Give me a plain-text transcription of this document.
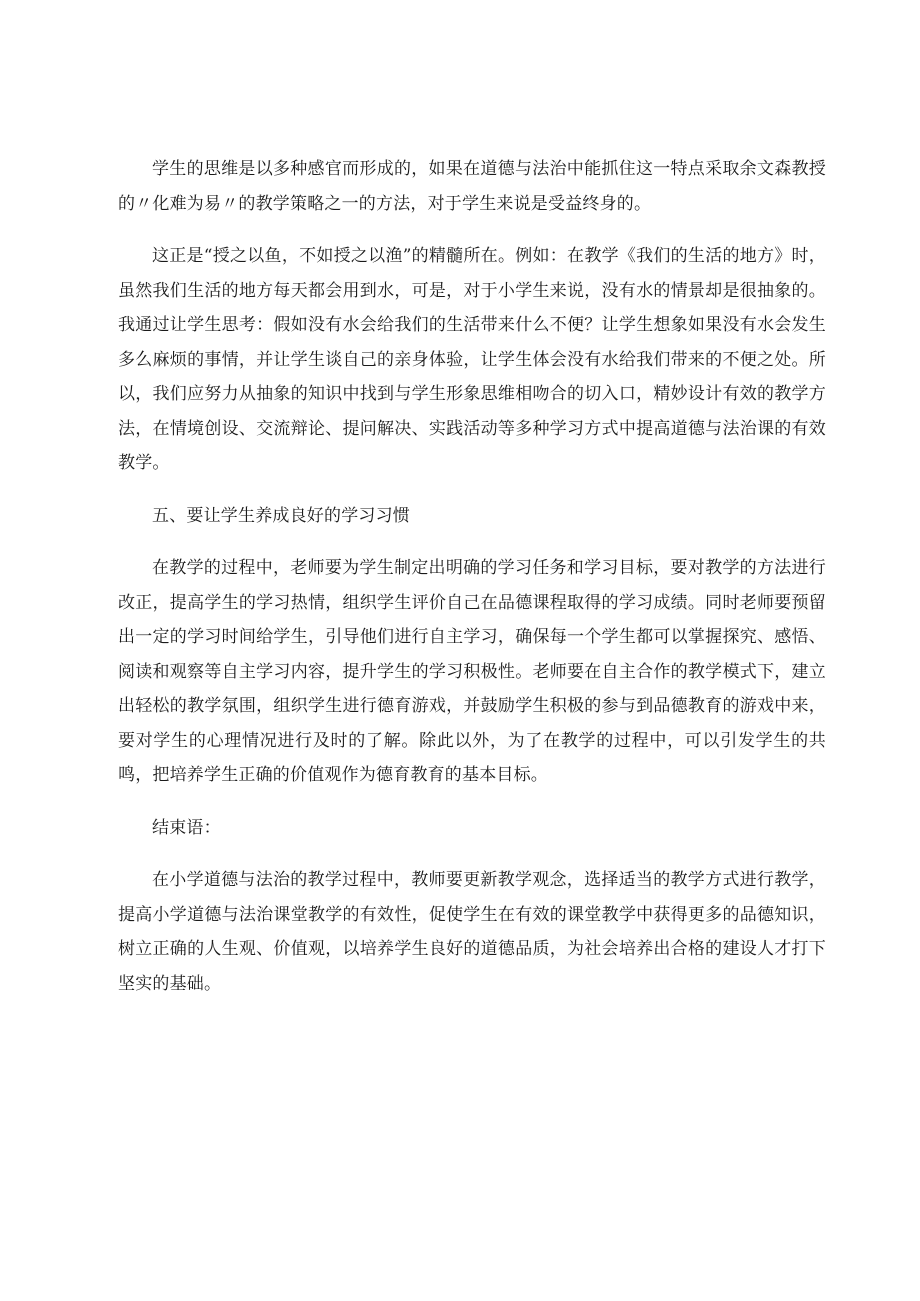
学生的思维是以多种感官而形成的，如果在道德与法治中能抓住这一特点采取余文森教授的〃化难为易〃的教学策略之一的方法，对于学生来说是受益终身的。

这正是“授之以鱼，不如授之以渔”的精髓所在。例如：在教学《我们的生活的地方》时，虽然我们生活的地方每天都会用到水，可是，对于小学生来说，没有水的情景却是很抽象的。我通过让学生思考：假如没有水会给我们的生活带来什么不便？让学生想象如果没有水会发生多么麻烦的事情，并让学生谈自己的亲身体验，让学生体会没有水给我们带来的不便之处。所以，我们应努力从抽象的知识中找到与学生形象思维相吻合的切入口，精妙设计有效的教学方法，在情境创设、交流辩论、提问解决、实践活动等多种学习方式中提高道德与法治课的有效教学。

五、要让学生养成良好的学习习惯

在教学的过程中，老师要为学生制定出明确的学习任务和学习目标，要对教学的方法进行改正，提高学生的学习热情，组织学生评价自己在品德课程取得的学习成绩。同时老师要预留出一定的学习时间给学生，引导他们进行自主学习，确保每一个学生都可以掌握探究、感悟、阅读和观察等自主学习内容，提升学生的学习积极性。老师要在自主合作的教学模式下，建立出轻松的教学氛围，组织学生进行德育游戏，并鼓励学生积极的参与到品德教育的游戏中来，要对学生的心理情况进行及时的了解。除此以外，为了在教学的过程中，可以引发学生的共鸣，把培养学生正确的价值观作为德育教育的基本目标。

结束语：

在小学道德与法治的教学过程中，教师要更新教学观念，选择适当的教学方式进行教学，提高小学道德与法治课堂教学的有效性，促使学生在有效的课堂教学中获得更多的品德知识，树立正确的人生观、价值观，以培养学生良好的道德品质，为社会培养出合格的建设人才打下坚实的基础。
